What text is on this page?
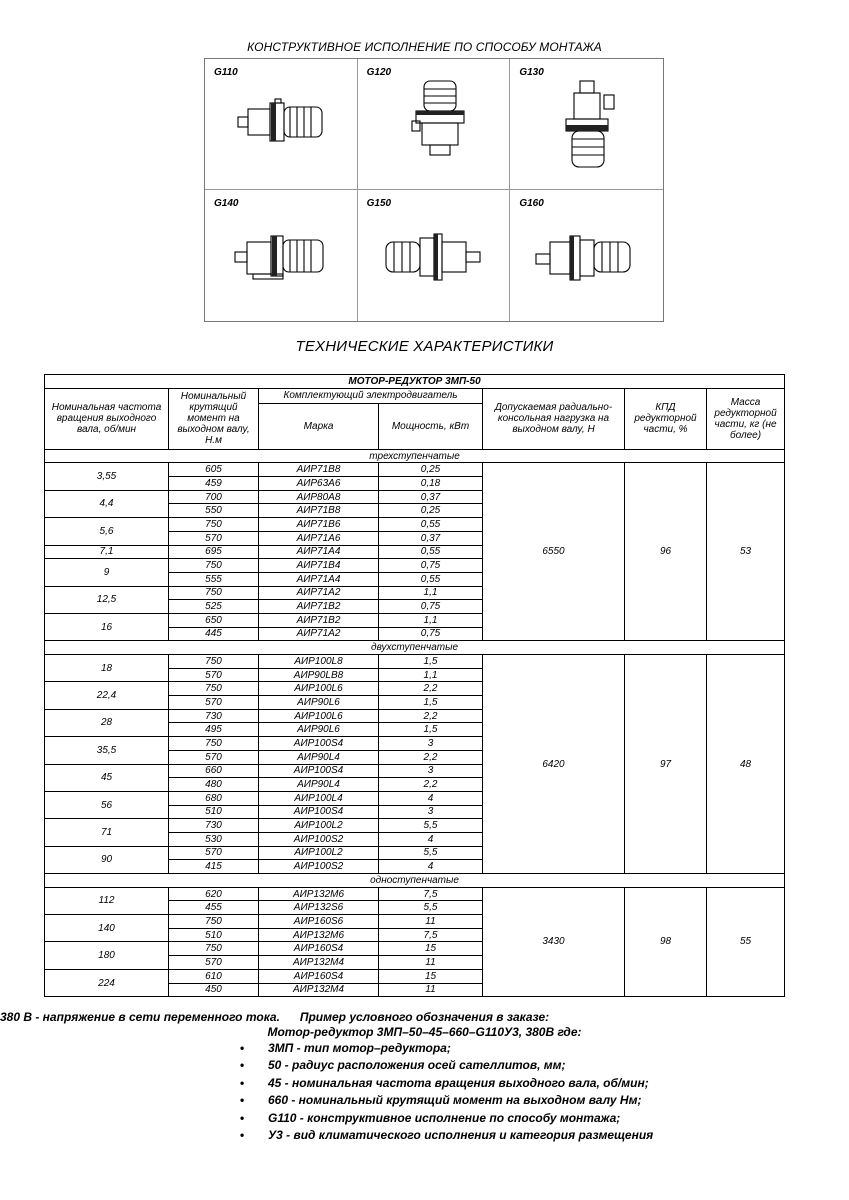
КОНСТРУКТИВНОЕ ИСПОЛНЕНИЕ ПО СПОСОБУ МОНТАЖА
G110	G120	G130
G140	G150	G160
ТЕХНИЧЕСКИЕ ХАРАКТЕРИСТИКИ
МОТОР-РЕДУКТОР 3МП-50						
Номинальная частота вращения выходного вала, об/мин	Номинальный крутящий момент на выходном валу, Н.м	Комплектующий электродвигатель		Допускаемая радиально-консольная нагрузка на выходном валу, Н	КПД редукторной части, %	Масса редукторной части, кг (не более)
		Марка	Мощность, кВт			
трехступенчатые						
3,55	605	АИР71В8	0,25	6550	96	53
	459	АИР63А6	0,18			
4,4	700	АИР80А8	0,37			
	550	АИР71В8	0,25			
5,6	750	АИР71В6	0,55			
	570	АИР71А6	0,37			
7,1	695	АИР71А4	0,55			
9	750	АИР71В4	0,75			
	555	АИР71А4	0,55			
12,5	750	АИР71А2	1,1			
	525	АИР71В2	0,75			
16	650	АИР71В2	1,1			
	445	АИР71А2	0,75			
двухступенчатые						
18	750	АИР100L8	1,5	6420	97	48
	570	АИР90LВ8	1,1			
22,4	750	АИР100L6	2,2			
	570	АИР90L6	1,5			
28	730	АИР100L6	2,2			
	495	АИР90L6	1,5			
35,5	750	АИР100S4	3			
	570	АИР90L4	2,2			
45	660	АИР100S4	3			
	480	АИР90L4	2,2			
56	680	АИР100L4	4			
	510	АИР100S4	3			
71	730	АИР100L2	5,5			
	530	АИР100S2	4			
90	570	АИР100L2	5,5			
	415	АИР100S2	4			
одноступенчатые						
112	620	АИР132М6	7,5	3430	98	55
	455	АИР132S6	5,5			
140	750	АИР160S6	11			
	510	АИР132М6	7,5			
180	750	АИР160S4	15			
	570	АИР132М4	11			
224	610	АИР160S4	15			
	450	АИР132М4	11			
Пример условного обозначения в заказе:
Мотор-редуктор 3МП–50–45–660–G110У3, 380В где:
• 3МП - тип мотор–редуктора;
• 50 - радиус расположения осей сателлитов, мм;
• 45 - номинальная частота вращения выходного вала, об/мин;
• 660 - номинальный крутящий момент на выходном валу Нм;
• G110 - конструктивное исполнение по способу монтажа;
• У3 - вид климатического исполнения и категория размещения
380 В - напряжение в сети переменного тока.
